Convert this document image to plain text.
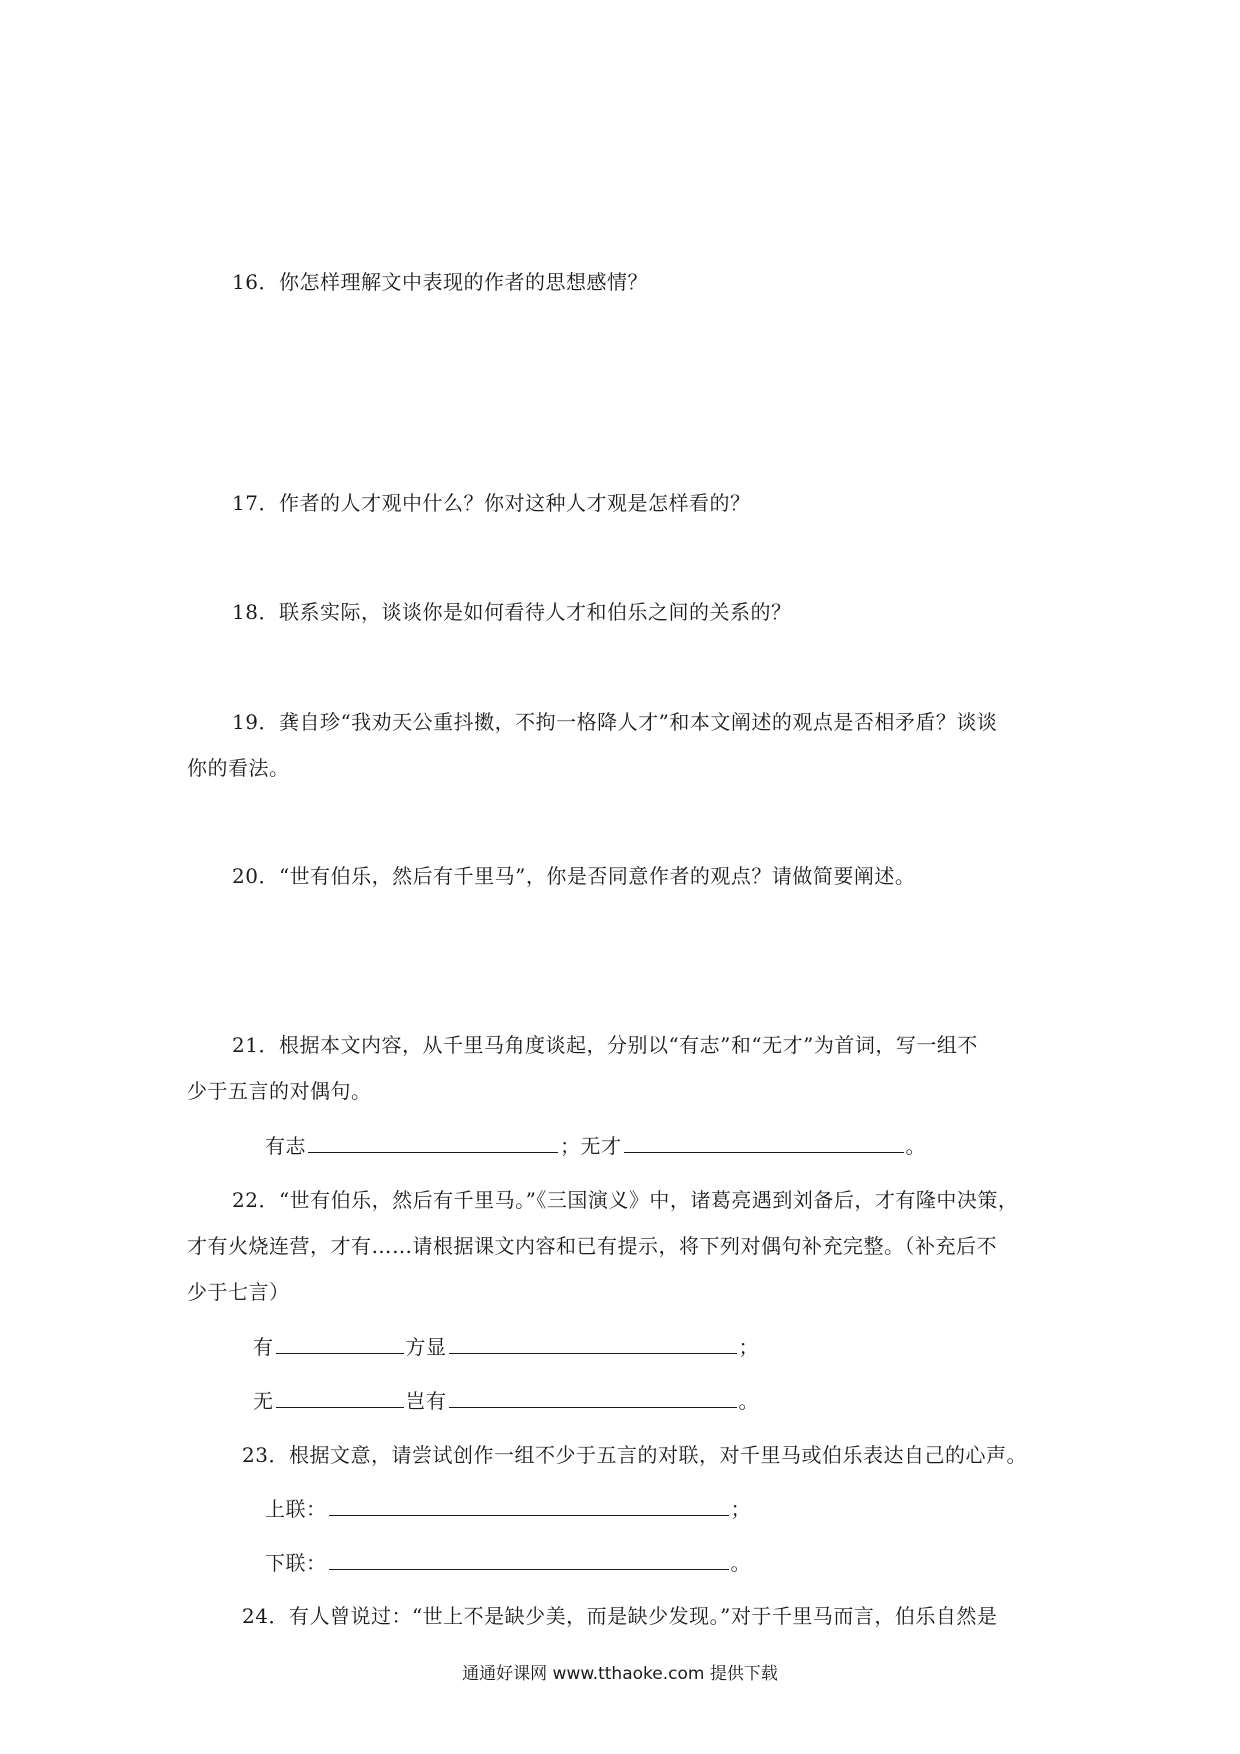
16．你怎样理解文中表现的作者的思想感情？
17．作者的人才观中什么？你对这种人才观是怎样看的？
18．联系实际，谈谈你是如何看待人才和伯乐之间的关系的？
19．龚自珍“我劝天公重抖擞，不拘一格降人才”和本文阐述的观点是否相矛盾？谈谈
你的看法。
20．“世有伯乐，然后有千里马”，你是否同意作者的观点？请做简要阐述。
21．根据本文内容，从千里马角度谈起，分别以“有志”和“无才”为首词，写一组不
少于五言的对偶句。
有志	；无才	。
22．“世有伯乐，然后有千里马。”《三国演义》中，诸葛亮遇到刘备后，才有隆中决策，
才有火烧连营，才有……请根据课文内容和已有提示，将下列对偶句补充完整。（补充后不
少于七言）
有	方显	；
无	岂有	。
23．根据文意，请尝试创作一组不少于五言的对联，对千里马或伯乐表达自己的心声。
上联：	；
下联：	。
24．有人曾说过：“世上不是缺少美，而是缺少发现。”对于千里马而言，伯乐自然是
通通好课网 www.tthaoke.com 提供下载
